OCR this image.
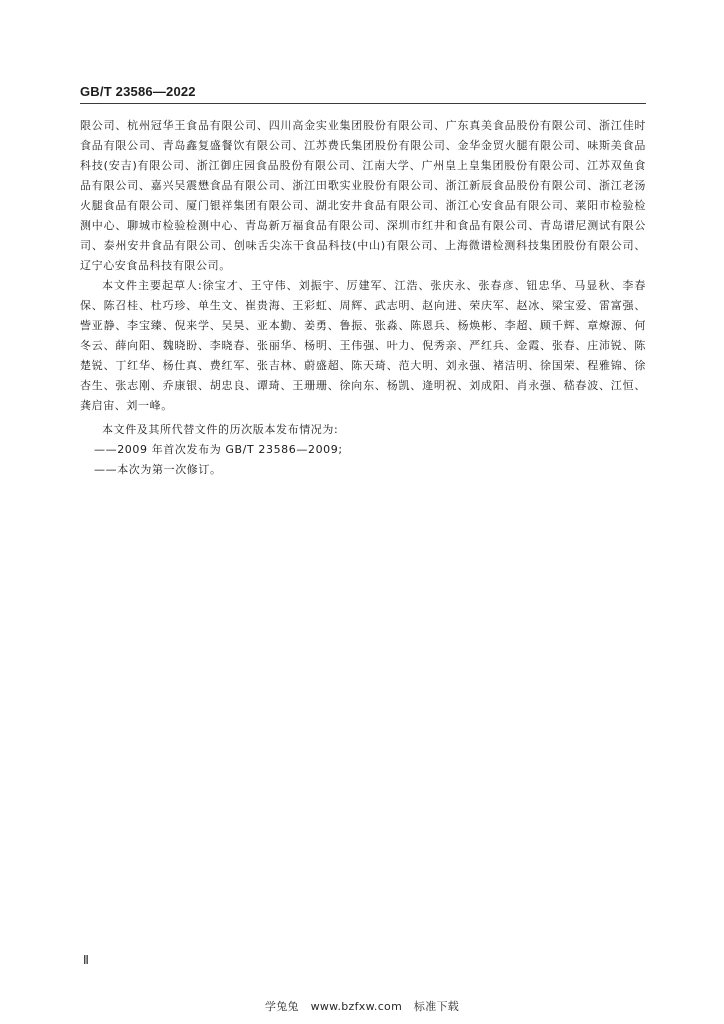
GB/T 23586—2022

限公司、杭州冠华王食品有限公司、四川高金实业集团股份有限公司、广东真美食品股份有限公司、浙江佳时食品有限公司、青岛鑫复盛餐饮有限公司、江苏费氏集团股份有限公司、金华金贸火腿有限公司、味斯美食品科技(安吉)有限公司、浙江御庄园食品股份有限公司、江南大学、广州皇上皇集团股份有限公司、江苏双鱼食品有限公司、嘉兴吴震懋食品有限公司、浙江田歌实业股份有限公司、浙江新辰食品股份有限公司、浙江老汤火腿食品有限公司、厦门银祥集团有限公司、湖北安井食品有限公司、浙江心安食品有限公司、莱阳市检验检测中心、聊城市检验检测中心、青岛新万福食品有限公司、深圳市红井和食品有限公司、青岛谱尼测试有限公司、泰州安井食品有限公司、创味舌尖冻干食品科技(中山)有限公司、上海微谱检测科技集团股份有限公司、辽宁心安食品科技有限公司。

本文件主要起草人:徐宝才、王守伟、刘振宇、厉建军、江浩、张庆永、张春彦、钮忠华、马显秋、李春保、陈召桂、杜巧珍、单生文、崔贵海、王彩虹、周辉、武志明、赵向进、荣庆军、赵冰、梁宝爱、雷富强、訾亚静、李宝臻、倪来学、吴昊、亚本勤、姜勇、鲁振、张淼、陈恩兵、杨焕彬、李超、顾千辉、章燎源、何冬云、薛向阳、魏晓盼、李晓春、张丽华、杨明、王伟强、叶力、倪秀亲、严红兵、金霞、张春、庄沛锐、陈楚锐、丁红华、杨仕真、费红军、张吉林、蔚盛超、陈天琦、范大明、刘永强、褚洁明、徐国荣、程雅锦、徐杏生、张志刚、乔康银、胡忠良、谭琦、王珊珊、徐向东、杨凯、逄明祝、刘成阳、肖永强、嵇春波、江恒、龚启宙、刘一峰。

本文件及其所代替文件的历次版本发布情况为:

——2009 年首次发布为 GB/T 23586—2009;

——本次为第一次修订。

Ⅱ
学兔兔 www.bzfxw.com 标准下载
